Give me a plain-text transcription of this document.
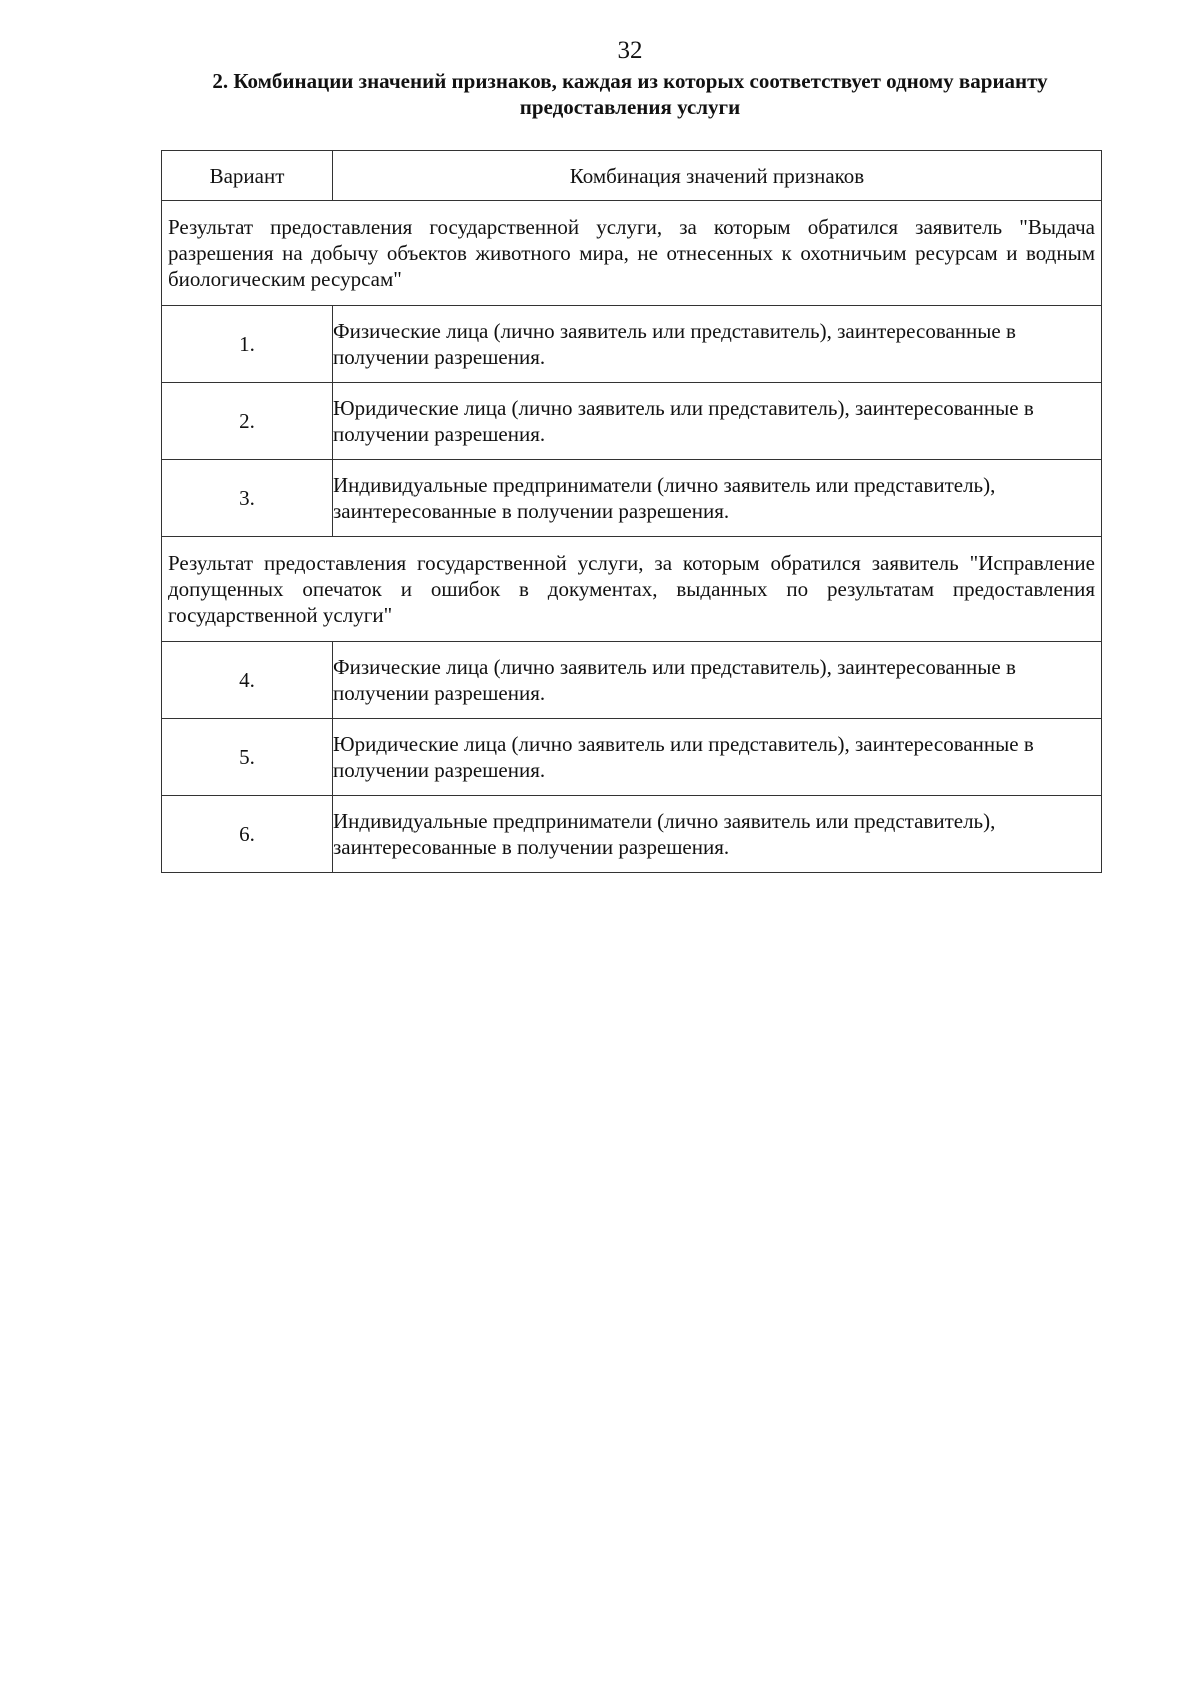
32
2. Комбинации значений признаков, каждая из которых соответствует одному варианту предоставления услуги
Вариант	Комбинация значений признаков
Результат предоставления государственной услуги, за которым обратился заявитель "Выдача разрешения на добычу объектов животного мира, не отнесенных к охотничьим ресурсам и водным биологическим ресурсам"	
1.	Физические лица (лично заявитель или представитель), заинтересованные в получении разрешения.
2.	Юридические лица (лично заявитель или представитель), заинтересованные в получении разрешения.
3.	Индивидуальные предприниматели (лично заявитель или представитель), заинтересованные в получении разрешения.
Результат предоставления государственной услуги, за которым обратился заявитель "Исправление допущенных опечаток и ошибок в документах, выданных по результатам предоставления государственной услуги"	
4.	Физические лица (лично заявитель или представитель), заинтересованные в получении разрешения.
5.	Юридические лица (лично заявитель или представитель), заинтересованные в получении разрешения.
6.	Индивидуальные предприниматели (лично заявитель или представитель), заинтересованные в получении разрешения.
